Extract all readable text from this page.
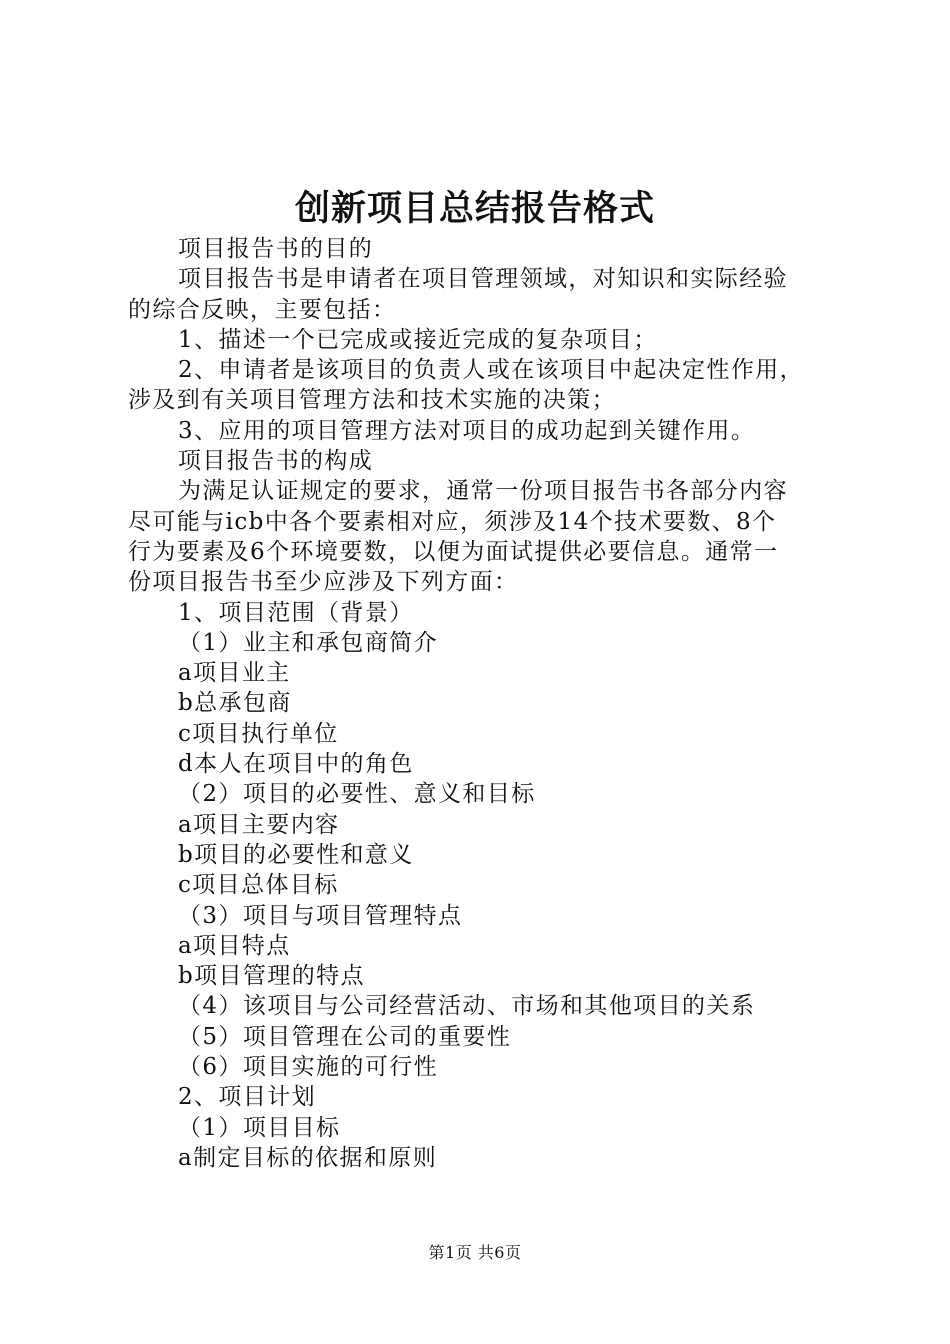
创新项目总结报告格式
项目报告书的目的
项目报告书是申请者在项目管理领域，对知识和实际经验
的综合反映，主要包括：
1、描述一个已完成或接近完成的复杂项目；
2、申请者是该项目的负责人或在该项目中起决定性作用，
涉及到有关项目管理方法和技术实施的决策；
3、应用的项目管理方法对项目的成功起到关键作用。
项目报告书的构成
为满足认证规定的要求，通常一份项目报告书各部分内容
尽可能与icb中各个要素相对应，须涉及14个技术要数、8个
行为要素及6个环境要数，以便为面试提供必要信息。通常一
份项目报告书至少应涉及下列方面：
1、项目范围（背景）
（1）业主和承包商简介
a项目业主
b总承包商
c项目执行单位
d本人在项目中的角色
（2）项目的必要性、意义和目标
a项目主要内容
b项目的必要性和意义
c项目总体目标
（3）项目与项目管理特点
a项目特点
b项目管理的特点
（4）该项目与公司经营活动、市场和其他项目的关系
（5）项目管理在公司的重要性
（6）项目实施的可行性
2、项目计划
（1）项目目标
a制定目标的依据和原则
第1页 共6页
